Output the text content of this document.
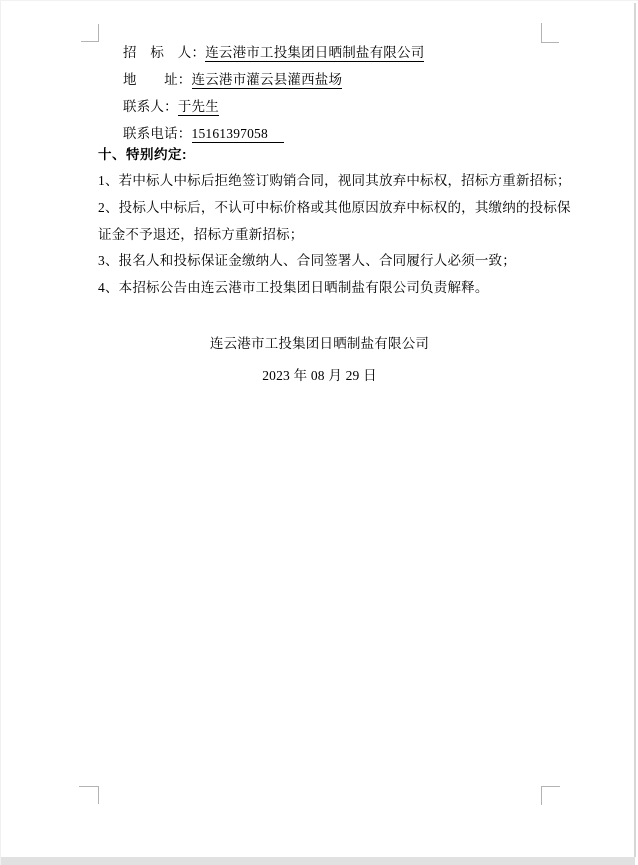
招　标　人：连云港市工投集团日晒制盐有限公司
地　　址：连云港市灌云县灌西盐场
联系人：于先生
联系电话：15161397058
十、特别约定:
1、若中标人中标后拒绝签订购销合同，视同其放弃中标权，招标方重新招标；
2、投标人中标后，不认可中标价格或其他原因放弃中标权的，其缴纳的投标保
证金不予退还，招标方重新招标；
3、报名人和投标保证金缴纳人、合同签署人、合同履行人必须一致；
4、本招标公告由连云港市工投集团日晒制盐有限公司负责解释。
连云港市工投集团日晒制盐有限公司
2023 年 08 月 29 日
